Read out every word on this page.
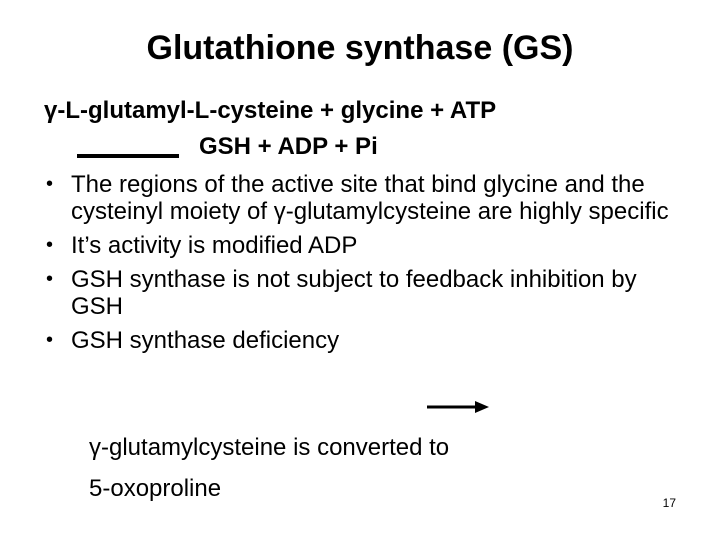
Glutathione synthase (GS)
γ-L-glutamyl-L-cysteine + glycine + ATP
GSH + ADP + Pi
• The regions of the active site that bind glycine and the cysteinyl moiety of γ-glutamylcysteine are highly specific
• It’s activity is modified ADP
• GSH synthase is not subject to feedback inhibition by GSH
• GSH synthase deficiency
γ-glutamylcysteine is converted to
5-oxoproline
17
